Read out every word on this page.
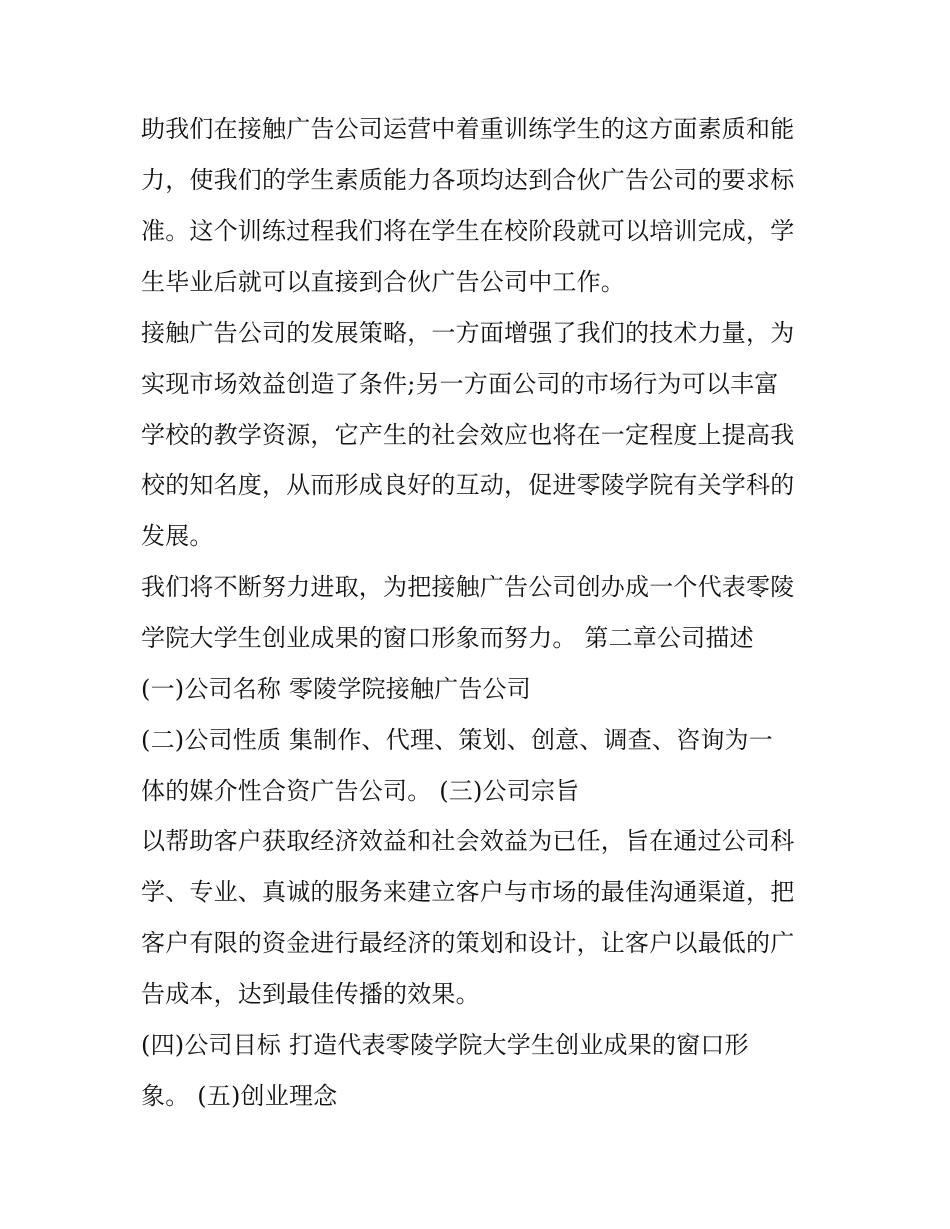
助我们在接触广告公司运营中着重训练学生的这方面素质和能
力，使我们的学生素质能力各项均达到合伙广告公司的要求标
准。这个训练过程我们将在学生在校阶段就可以培训完成，学
生毕业后就可以直接到合伙广告公司中工作。
接触广告公司的发展策略，一方面增强了我们的技术力量，为
实现市场效益创造了条件;另一方面公司的市场行为可以丰富
学校的教学资源，它产生的社会效应也将在一定程度上提高我
校的知名度，从而形成良好的互动，促进零陵学院有关学科的
发展。
我们将不断努力进取，为把接触广告公司创办成一个代表零陵
学院大学生创业成果的窗口形象而努力。 第二章公司描述
(一)公司名称 零陵学院接触广告公司
(二)公司性质 集制作、代理、策划、创意、调查、咨询为一
体的媒介性合资广告公司。 (三)公司宗旨
以帮助客户获取经济效益和社会效益为已任，旨在通过公司科
学、专业、真诚的服务来建立客户与市场的最佳沟通渠道，把
客户有限的资金进行最经济的策划和设计，让客户以最低的广
告成本，达到最佳传播的效果。
(四)公司目标 打造代表零陵学院大学生创业成果的窗口形
象。 (五)创业理念
